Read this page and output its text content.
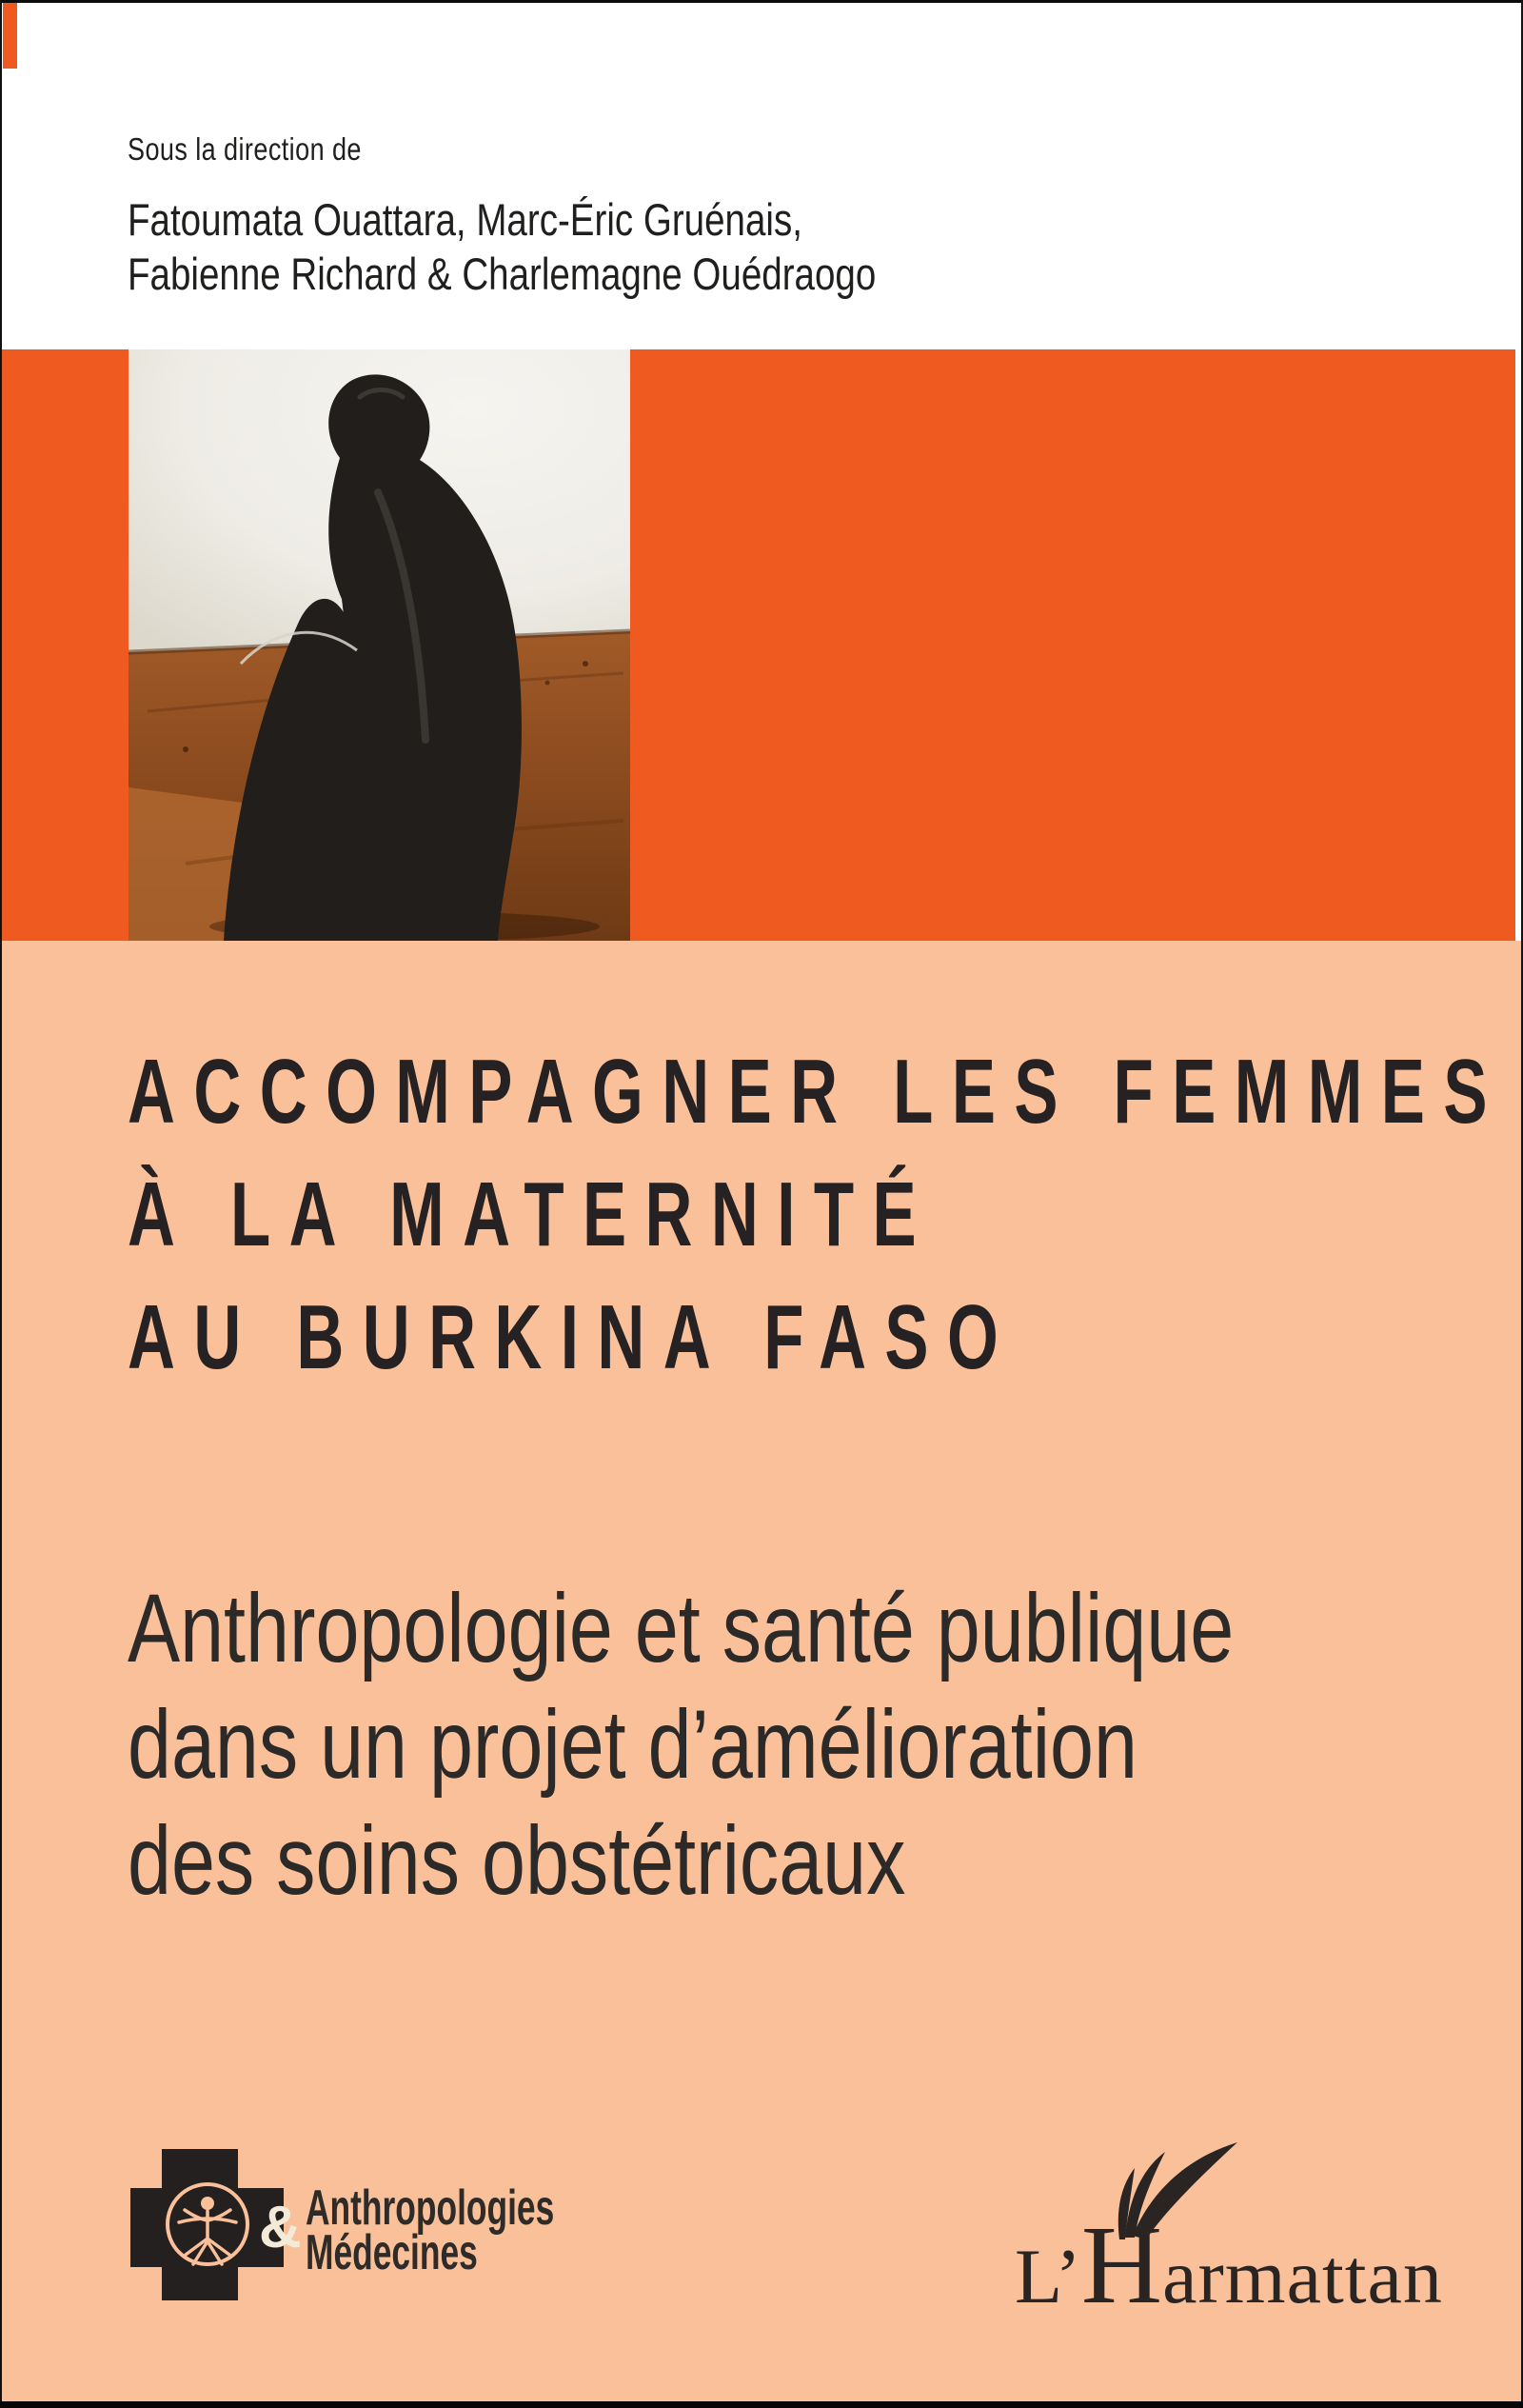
Sous la direction de
Fatoumata Ouattara, Marc-Éric Gruénais,
Fabienne Richard & Charlemagne Ouédraogo
ACCOMPAGNER LES FEMMES
À LA MATERNITÉ
AU BURKINA FASO
Anthropologie et santé publique
dans un projet d’amélioration
des soins obstétricaux
& Anthropologies
Médecines	L’ H armattan
